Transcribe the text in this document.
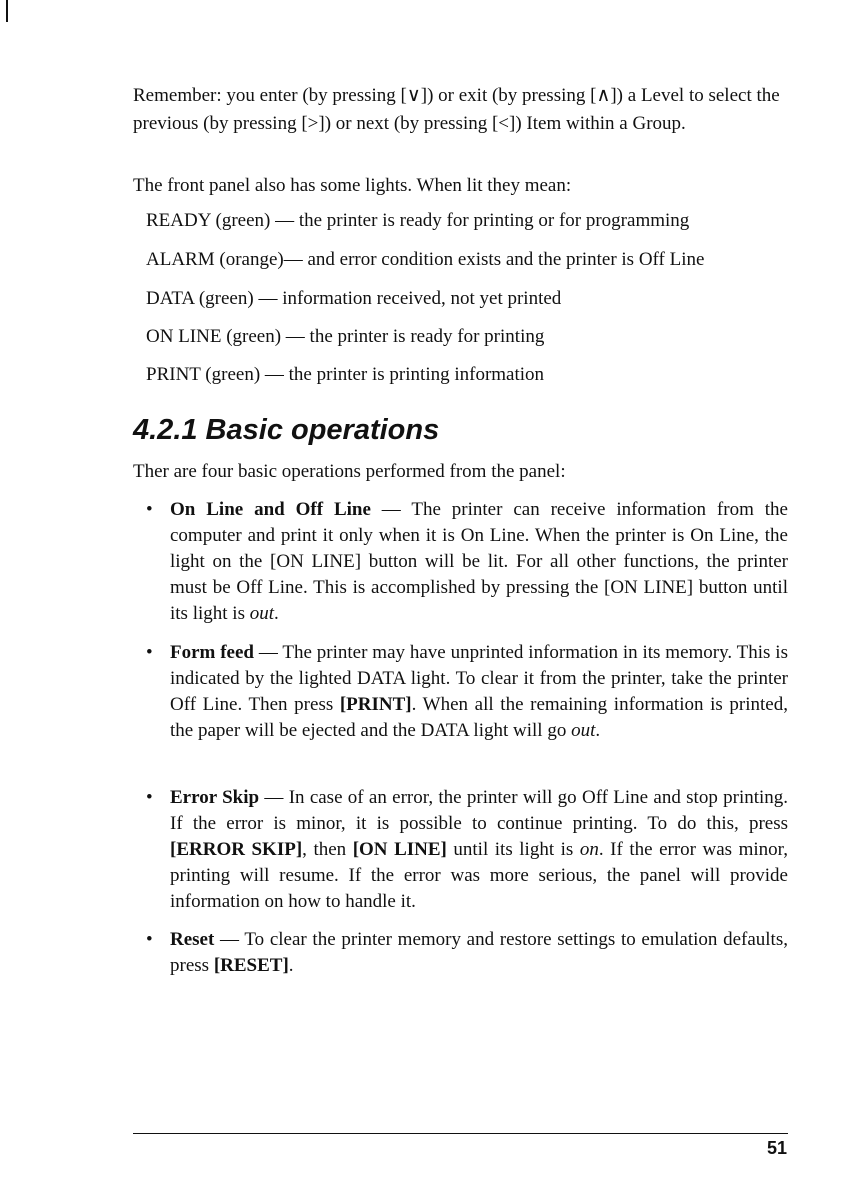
Remember: you enter (by pressing [∨]) or exit (by pressing [∧]) a Level to select the previous (by pressing [>]) or next (by pressing [<]) Item within a Group.

The front panel also has some lights. When lit they mean:

READY (green) — the printer is ready for printing or for programming
ALARM (orange)— and error condition exists and the printer is Off Line
DATA (green) — information received, not yet printed
ON LINE (green) — the printer is ready for printing
PRINT (green) — the printer is printing information
4.2.1 Basic operations

Ther are four basic operations performed from the panel:

• On Line and Off Line — The printer can receive information from the computer and print it only when it is On Line. When the printer is On Line, the light on the [ON LINE] button will be lit. For all other functions, the printer must be Off Line. This is accomplished by pressing the [ON LINE] button until its light is out.
• Form feed — The printer may have unprinted information in its memory. This is indicated by the lighted DATA light. To clear it from the printer, take the printer Off Line. Then press [PRINT]. When all the remaining information is printed, the paper will be ejected and the DATA light will go out.
• Error Skip — In case of an error, the printer will go Off Line and stop printing. If the error is minor, it is possible to continue printing. To do this, press [ERROR SKIP], then [ON LINE] until its light is on. If the error was minor, printing will resume. If the error was more serious, the panel will provide information on how to handle it.
• Reset — To clear the printer memory and restore settings to emulation defaults, press [RESET].
51
